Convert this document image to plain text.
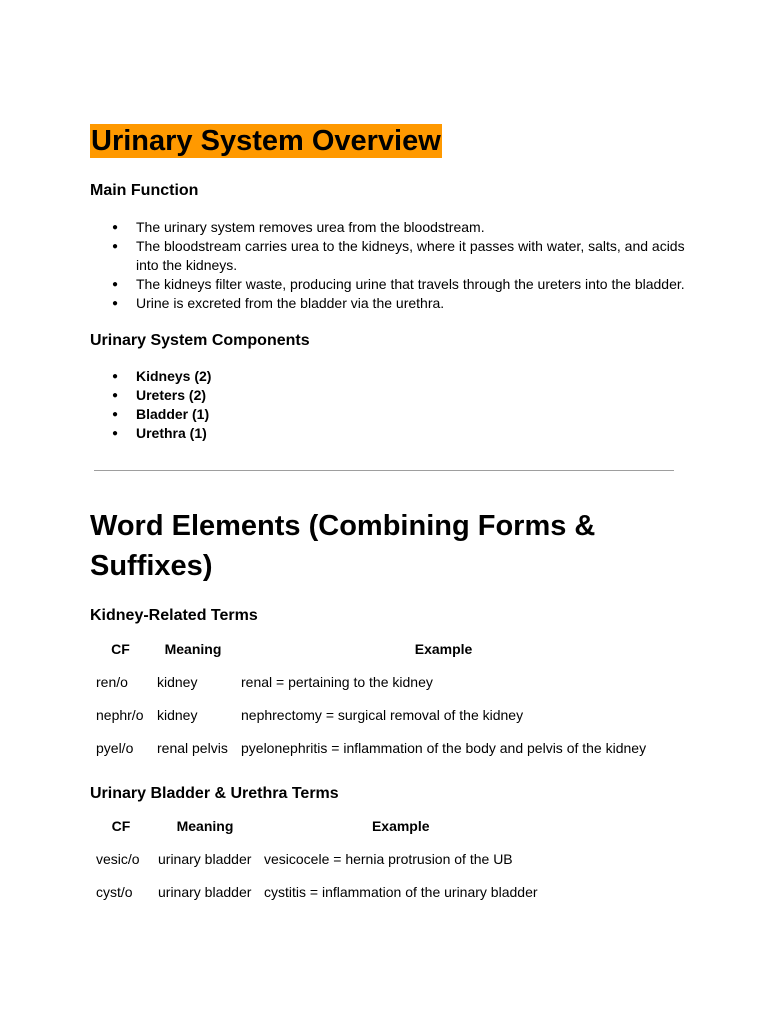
Urinary System Overview
Main Function
● The urinary system removes urea from the bloodstream.
● The bloodstream carries urea to the kidneys, where it passes with water, salts, and acids into the kidneys.
● The kidneys filter waste, producing urine that travels through the ureters into the bladder.
● Urine is excreted from the bladder via the urethra.
Urinary System Components
● Kidneys (2)
● Ureters (2)
● Bladder (1)
● Urethra (1)
Word Elements (Combining Forms & Suffixes)
Kidney-Related Terms
CF	Meaning	Example
ren/o	kidney	renal = pertaining to the kidney
nephr/o	kidney	nephrectomy = surgical removal of the kidney
pyel/o	renal pelvis	pyelonephritis = inflammation of the body and pelvis of the kidney
Urinary Bladder & Urethra Terms
CF	Meaning	Example
vesic/o	urinary bladder	vesicocele = hernia protrusion of the UB
cyst/o	urinary bladder	cystitis = inflammation of the urinary bladder
